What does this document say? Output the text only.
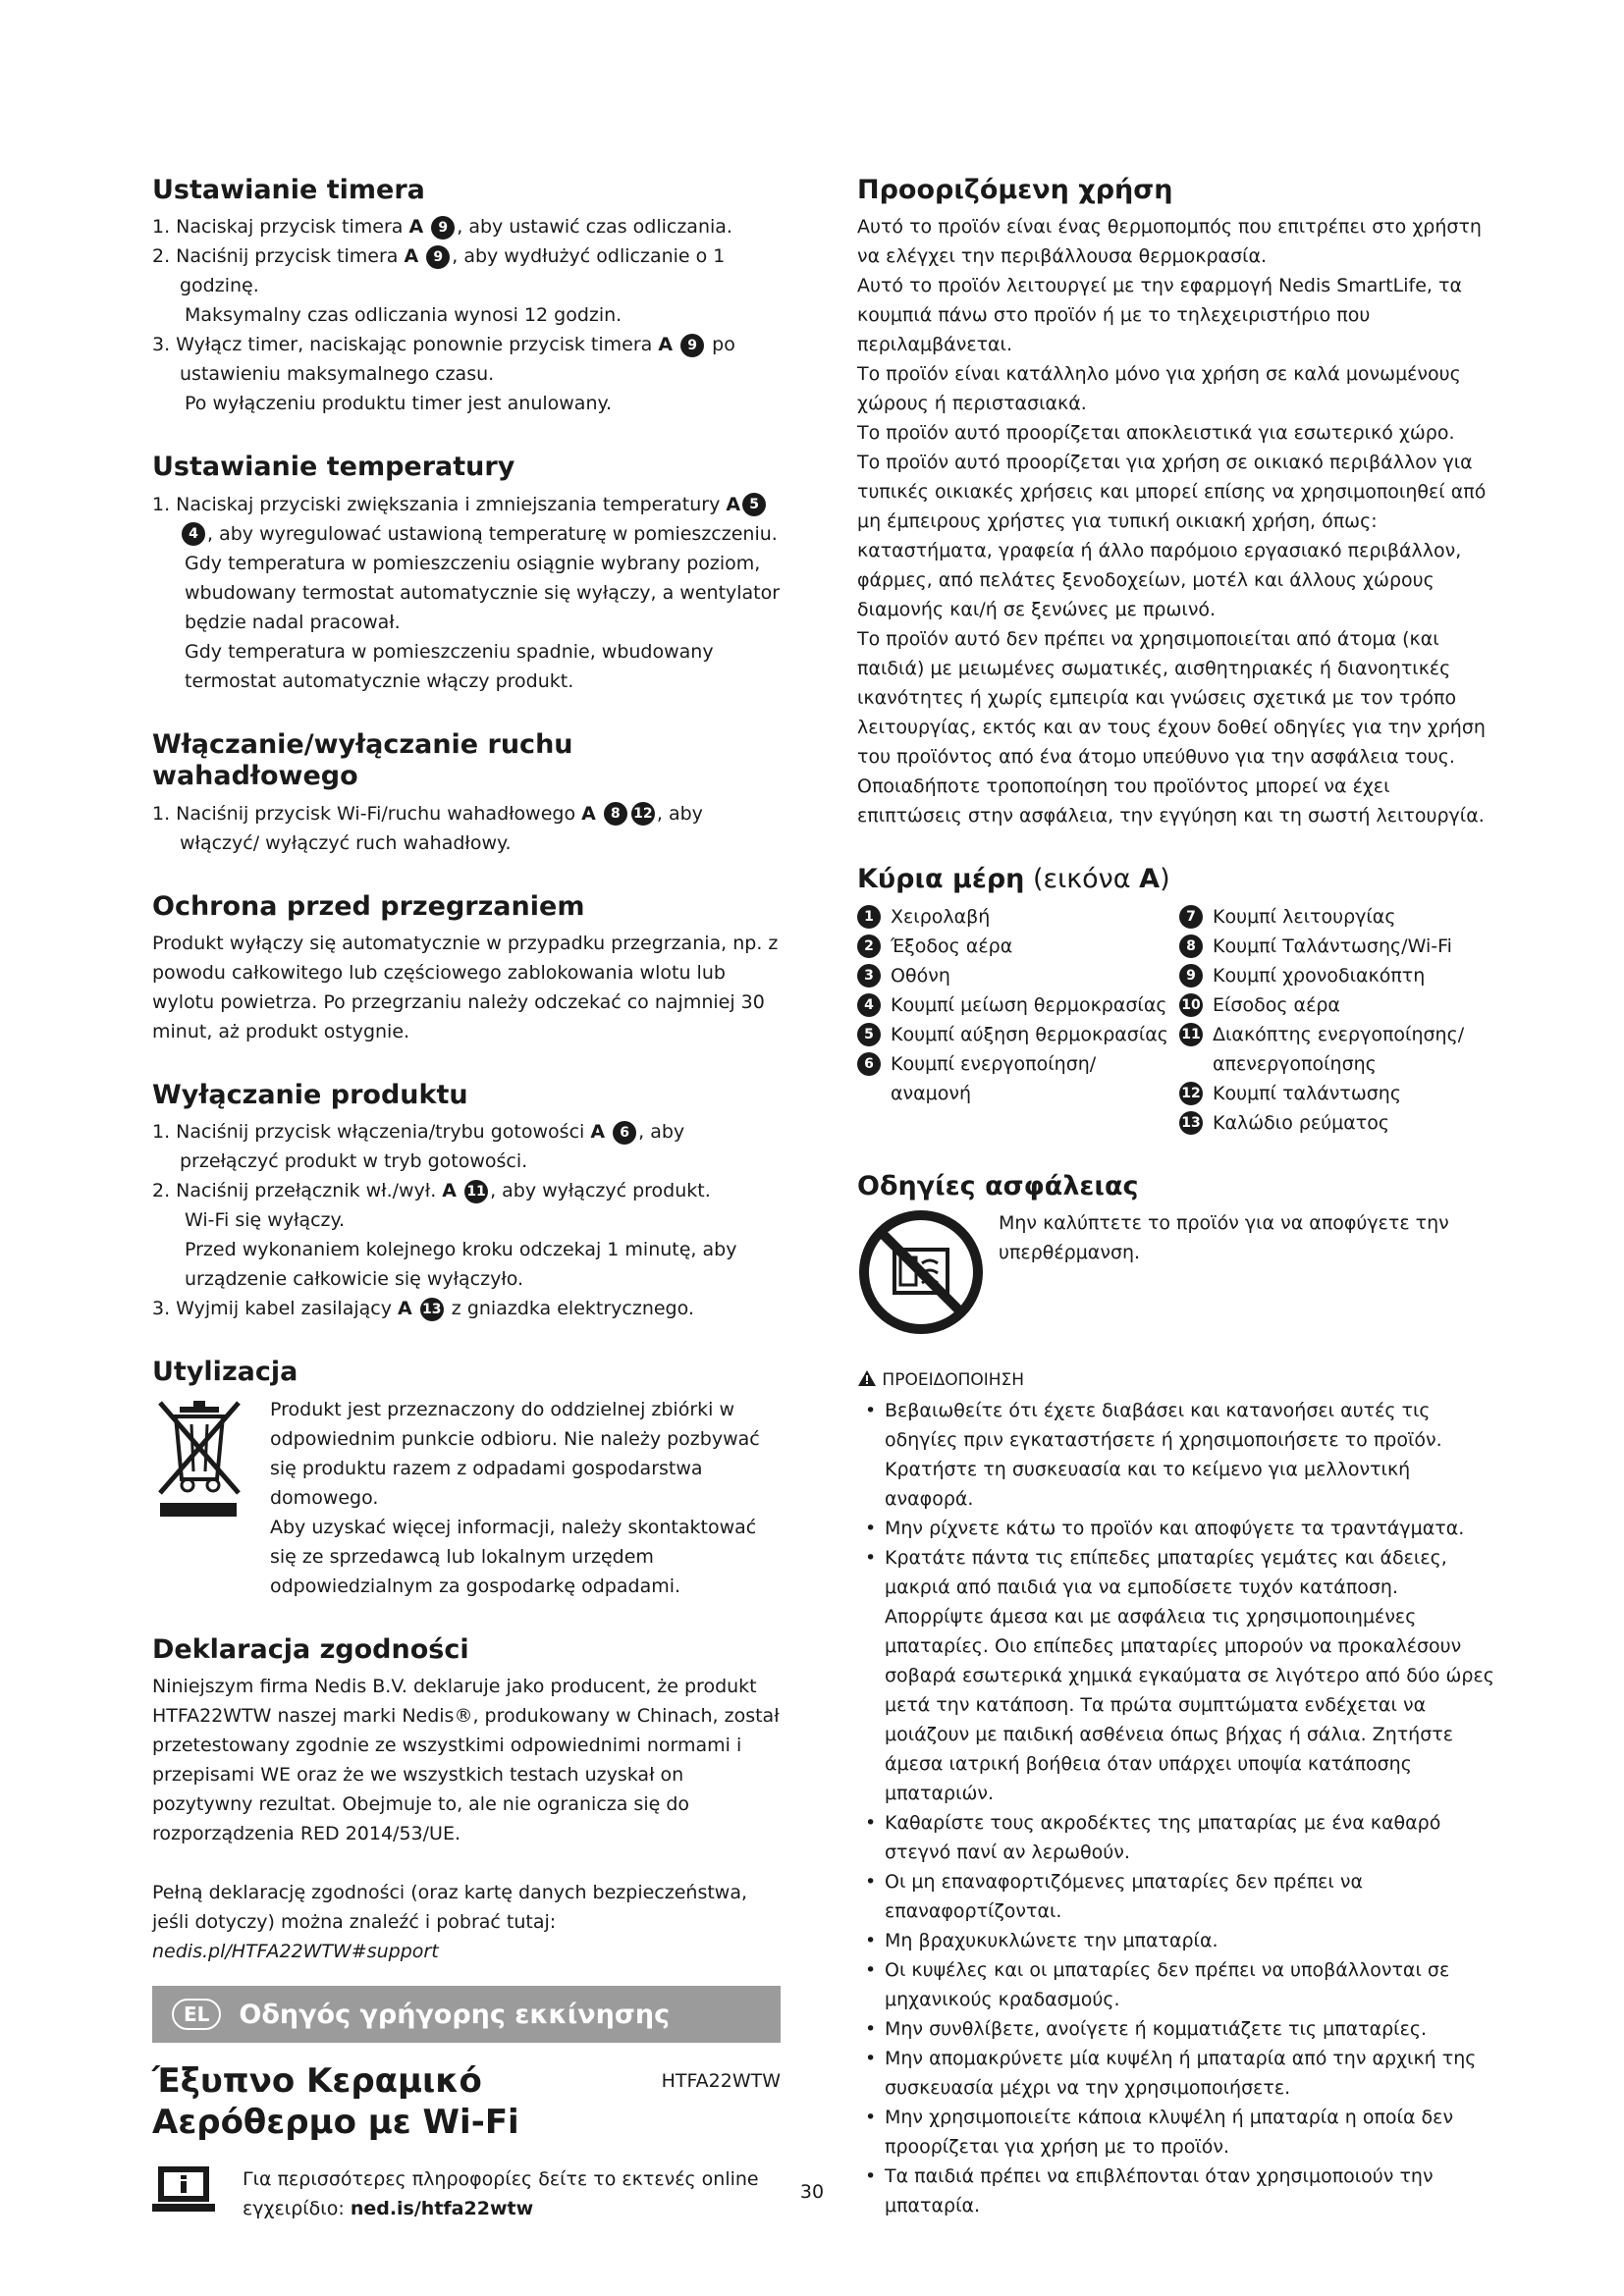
Ustawianie timera
1. Naciskaj przycisk timera A 9 , aby ustawić czas odliczania.
2. Naciśnij przycisk timera A 9 , aby wydłużyć odliczanie o 1 godzinę.
Maksymalny czas odliczania wynosi 12 godzin.
3. Wyłącz timer, naciskając ponownie przycisk timera A 9 po ustawieniu maksymalnego czasu.
Po wyłączeniu produktu timer jest anulowany.
Ustawianie temperatury
1. Naciskaj przyciski zwiększania i zmniejszania temperatury A 54 , aby wyregulować ustawioną temperaturę w pomieszczeniu.
Gdy temperatura w pomieszczeniu osiągnie wybrany poziom, wbudowany termostat automatycznie się wyłączy, a wentylator będzie nadal pracował.
Gdy temperatura w pomieszczeniu spadnie, wbudowany termostat automatycznie włączy produkt.
Włączanie/wyłączanie ruchu wahadłowego
1. Naciśnij przycisk Wi-Fi/ruchu wahadłowego A 8 12 , aby włączyć/ wyłączyć ruch wahadłowy.
Ochrona przed przegrzaniem

Produkt wyłączy się automatycznie w przypadku przegrzania, np. z powodu całkowitego lub częściowego zablokowania wlotu lub wylotu powietrza. Po przegrzaniu należy odczekać co najmniej 30 minut, aż produkt ostygnie.

Wyłączanie produktu
1. Naciśnij przycisk włączenia/trybu gotowości A 6 , aby przełączyć produkt w tryb gotowości.
2. Naciśnij przełącznik wł./wył. A 11 , aby wyłączyć produkt.
Wi-Fi się wyłączy.
Przed wykonaniem kolejnego kroku odczekaj 1 minutę, aby urządzenie całkowicie się wyłączyło.
3. Wyjmij kabel zasilający A 13 z gniazdka elektrycznego.
Utylizacja

Produkt jest przeznaczony do oddzielnej zbiórki w odpowiednim punkcie odbioru. Nie należy pozbywać się produktu razem z odpadami gospodarstwa domowego.

Aby uzyskać więcej informacji, należy skontaktować się ze sprzedawcą lub lokalnym urzędem odpowiedzialnym za gospodarkę odpadami.

Deklaracja zgodności

Niniejszym firma Nedis B.V. deklaruje jako producent, że produkt HTFA22WTW naszej marki Nedis®, produkowany w Chinach, został przetestowany zgodnie ze wszystkimi odpowiednimi normami i przepisami WE oraz że we wszystkich testach uzyskał on pozytywny rezultat. Obejmuje to, ale nie ogranicza się do rozporządzenia RED 2014/53/UE.

Pełną deklarację zgodności (oraz kartę danych bezpieczeństwa, jeśli dotyczy) można znaleźć i pobrać tutaj:

nedis.pl/HTFA22WTW#support

EL	Οδηγός γρήγορης εκκίνησης
Έξυπνο Κεραμικό Αερόθερμο με Wi-Fi
HTFA22WTW

Για περισσότερες πληροφορίες δείτε το εκτενές online εγχειρίδιο: ned.is/htfa22wtw

Προοριζόμενη χρήση

Αυτό το προϊόν είναι ένας θερμοπομπός που επιτρέπει στο χρήστη να ελέγχει την περιβάλλουσα θερμοκρασία.

Αυτό το προϊόν λειτουργεί με την εφαρμογή Nedis SmartLife, τα κουμπιά πάνω στο προϊόν ή με το τηλεχειριστήριο που περιλαμβάνεται.

Το προϊόν είναι κατάλληλο μόνο για χρήση σε καλά μονωμένους χώρους ή περιστασιακά.

Το προϊόν αυτό προορίζεται αποκλειστικά για εσωτερικό χώρο.

Το προϊόν αυτό προορίζεται για χρήση σε οικιακό περιβάλλον για τυπικές οικιακές χρήσεις και μπορεί επίσης να χρησιμοποιηθεί από μη έμπειρους χρήστες για τυπική οικιακή χρήση, όπως: καταστήματα, γραφεία ή άλλο παρόμοιο εργασιακό περιβάλλον, φάρμες, από πελάτες ξενοδοχείων, μοτέλ και άλλους χώρους διαμονής και/ή σε ξενώνες με πρωινό.

Το προϊόν αυτό δεν πρέπει να χρησιμοποιείται από άτομα (και παιδιά) με μειωμένες σωματικές, αισθητηριακές ή διανοητικές ικανότητες ή χωρίς εμπειρία και γνώσεις σχετικά με τον τρόπο λειτουργίας, εκτός και αν τους έχουν δοθεί οδηγίες για την χρήση του προϊόντος από ένα άτομο υπεύθυνο για την ασφάλεια τους.

Οποιαδήποτε τροποποίηση του προϊόντος μπορεί να έχει επιπτώσεις στην ασφάλεια, την εγγύηση και τη σωστή λειτουργία.

Κύρια μέρη (εικόνα A)
1 Χειρολαβή
2 Έξοδος αέρα
3 Οθόνη
4 Κουμπί μείωση θερμοκρασίας
5 Κουμπί αύξηση θερμοκρασίας
6 Κουμπί ενεργοποίηση/ αναμονή
7 Κουμπί λειτουργίας
8 Κουμπί Ταλάντωσης/Wi-Fi
9 Κουμπί χρονοδιακόπτη
10 Είσοδος αέρα
11 Διακόπτης ενεργοποίησης/ απενεργοποίησης
12 Κουμπί ταλάντωσης
13 Καλώδιο ρεύματος
Οδηγίες ασφάλειας

Μην καλύπτετε το προϊόν για να αποφύγετε την υπερθέρμανση.

ΠΡΟΕΙΔΟΠΟΙΗΣΗ
• Βεβαιωθείτε ότι έχετε διαβάσει και κατανοήσει αυτές τις οδηγίες πριν εγκαταστήσετε ή χρησιμοποιήσετε το προϊόν. Κρατήστε τη συσκευασία και το κείμενο για μελλοντική αναφορά.
• Μην ρίχνετε κάτω το προϊόν και αποφύγετε τα τραντάγματα.
• Κρατάτε πάντα τις επίπεδες μπαταρίες γεμάτες και άδειες, μακριά από παιδιά για να εμποδίσετε τυχόν κατάποση. Απορρίψτε άμεσα και με ασφάλεια τις χρησιμοποιημένες μπαταρίες. Οιο επίπεδες μπαταρίες μπορούν να προκαλέσουν σοβαρά εσωτερικά χημικά εγκαύματα σε λιγότερο από δύο ώρες μετά την κατάποση. Τα πρώτα συμπτώματα ενδέχεται να μοιάζουν με παιδική ασθένεια όπως βήχας ή σάλια. Ζητήστε άμεσα ιατρική βοήθεια όταν υπάρχει υποψία κατάποσης μπαταριών.
• Καθαρίστε τους ακροδέκτες της μπαταρίας με ένα καθαρό στεγνό πανί αν λερωθούν.
• Οι μη επαναφορτιζόμενες μπαταρίες δεν πρέπει να επαναφορτίζονται.
• Μη βραχυκυκλώνετε την μπαταρία.
• Οι κυψέλες και οι μπαταρίες δεν πρέπει να υποβάλλονται σε μηχανικούς κραδασμούς.
• Μην συνθλίβετε, ανοίγετε ή κομματιάζετε τις μπαταρίες.
• Μην απομακρύνετε μία κυψέλη ή μπαταρία από την αρχική της συσκευασία μέχρι να την χρησιμοποιήσετε.
• Μην χρησιμοποιείτε κάποια κλυψέλη ή μπαταρία η οποία δεν προορίζεται για χρήση με το προϊόν.
• Τα παιδιά πρέπει να επιβλέπονται όταν χρησιμοποιούν την μπαταρία.
30
